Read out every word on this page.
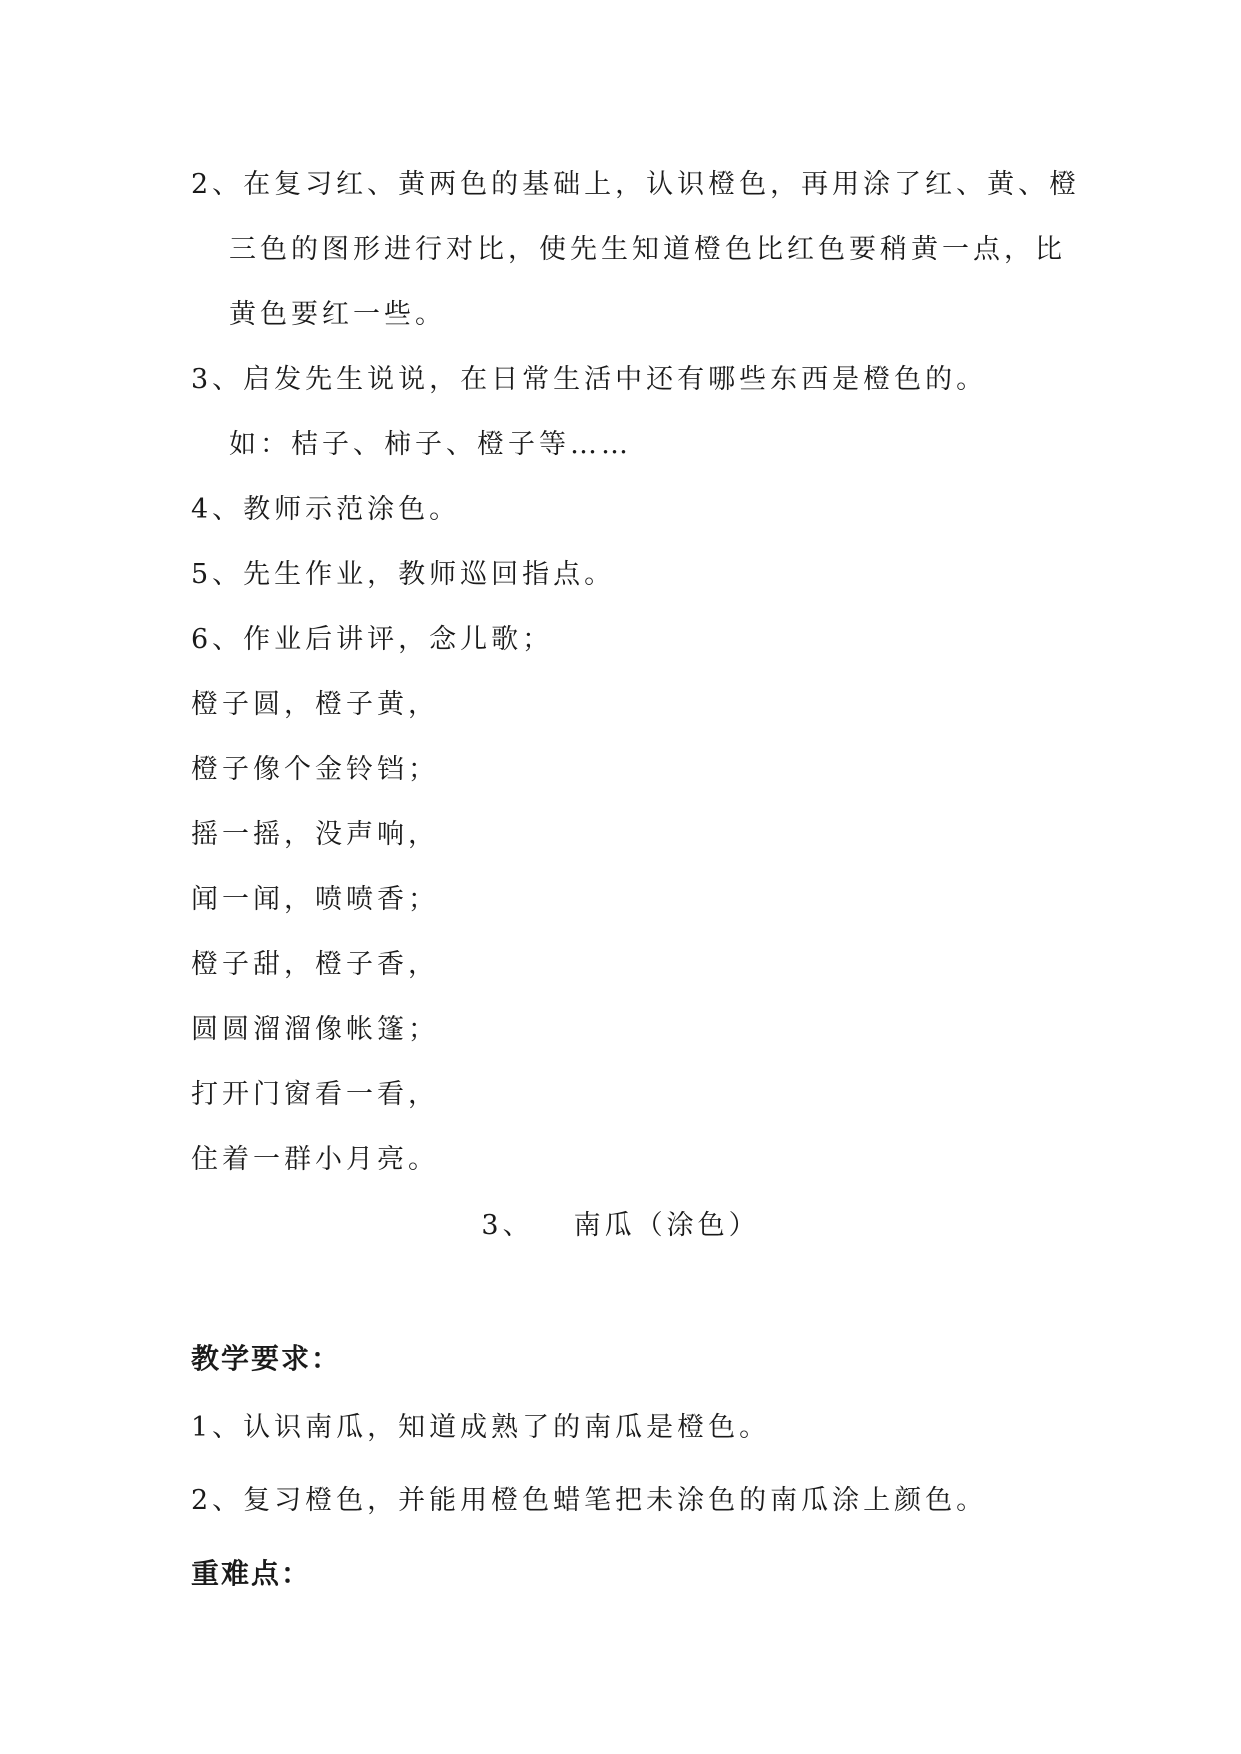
2、在复习红、黄两色的基础上，认识橙色，再用涂了红、黄、橙
三色的图形进行对比，使先生知道橙色比红色要稍黄一点，比
黄色要红一些。
3、启发先生说说，在日常生活中还有哪些东西是橙色的。
如：桔子、柿子、橙子等……
4、教师示范涂色。
5、先生作业，教师巡回指点。
6、作业后讲评，念儿歌；
橙子圆，橙子黄，
橙子像个金铃铛；
摇一摇，没声响，
闻一闻，喷喷香；
橙子甜，橙子香，
圆圆溜溜像帐篷；
打开门窗看一看，
住着一群小月亮。
3、 南瓜（涂色）
教学要求：
1、认识南瓜，知道成熟了的南瓜是橙色。
2、复习橙色，并能用橙色蜡笔把未涂色的南瓜涂上颜色。
重难点：
